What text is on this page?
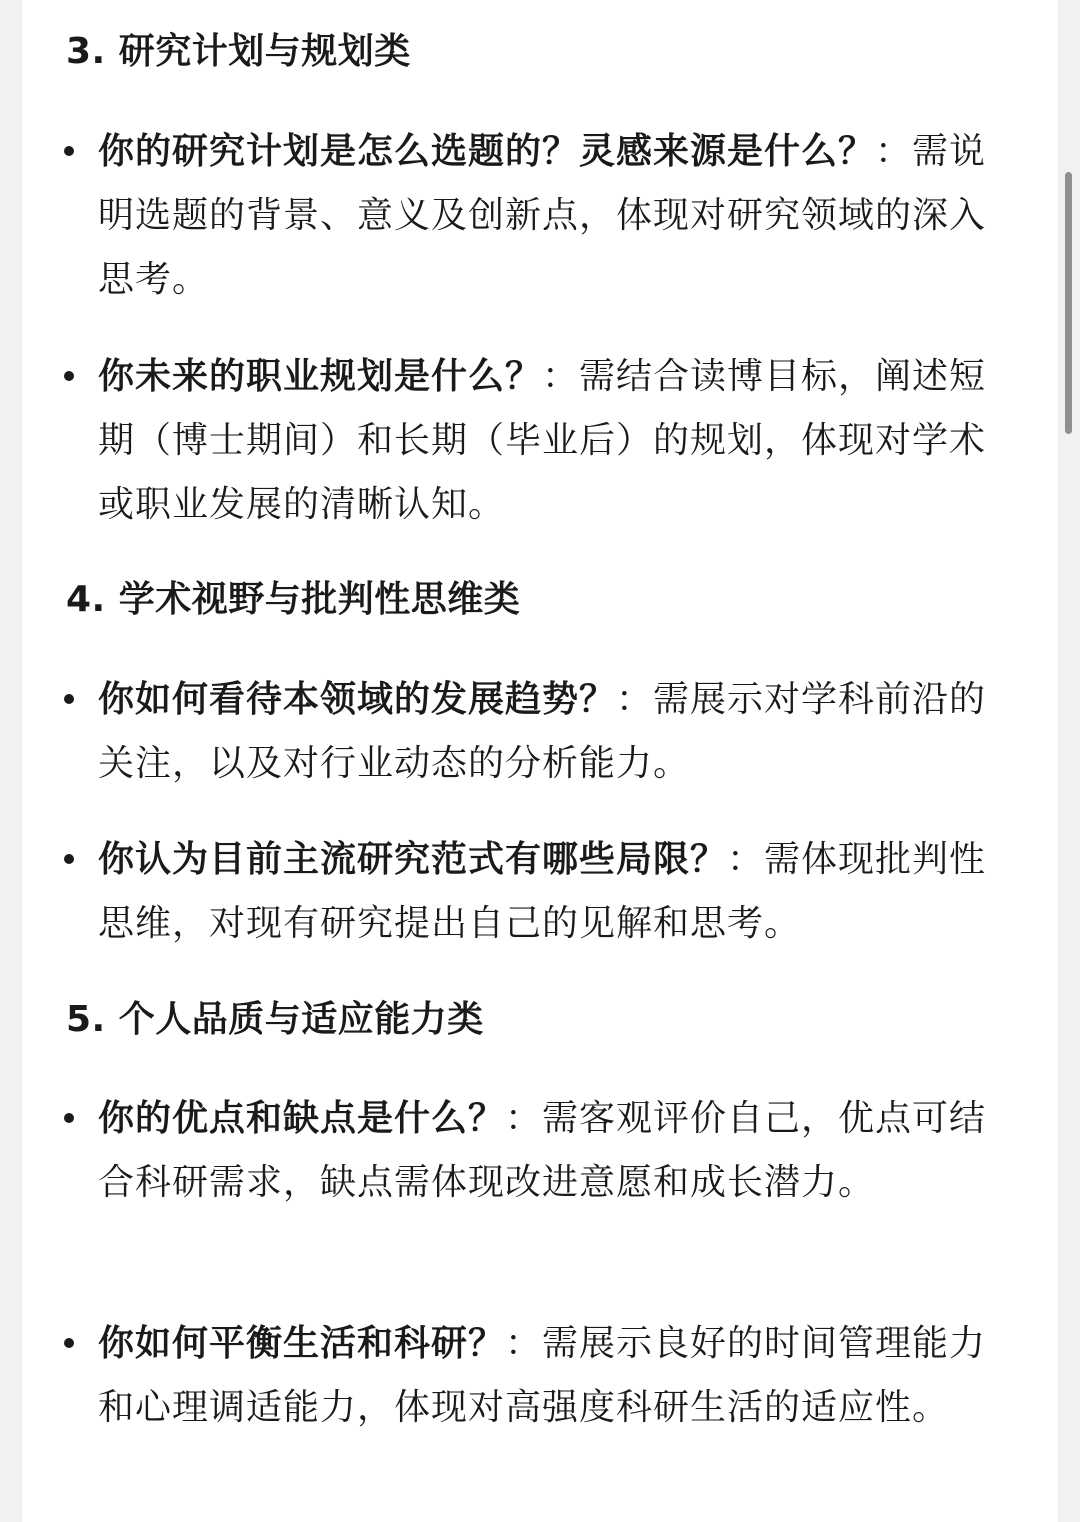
3. 研究计划与规划类
你的研究计划是怎么选题的？灵感来源是什么？：需说明选题的背景、意义及创新点，体现对研究领域的深入思考。
你未来的职业规划是什么？：需结合读博目标，阐述短期（博士期间）和长期（毕业后）的规划，体现对学术或职业发展的清晰认知。
4. 学术视野与批判性思维类
你如何看待本领域的发展趋势？：需展示对学科前沿的关注，以及对行业动态的分析能力。
你认为目前主流研究范式有哪些局限？：需体现批判性思维，对现有研究提出自己的见解和思考。
5. 个人品质与适应能力类
你的优点和缺点是什么？：需客观评价自己，优点可结合科研需求，缺点需体现改进意愿和成长潜力。
你如何平衡生活和科研？：需展示良好的时间管理能力和心理调适能力，体现对高强度科研生活的适应性。
